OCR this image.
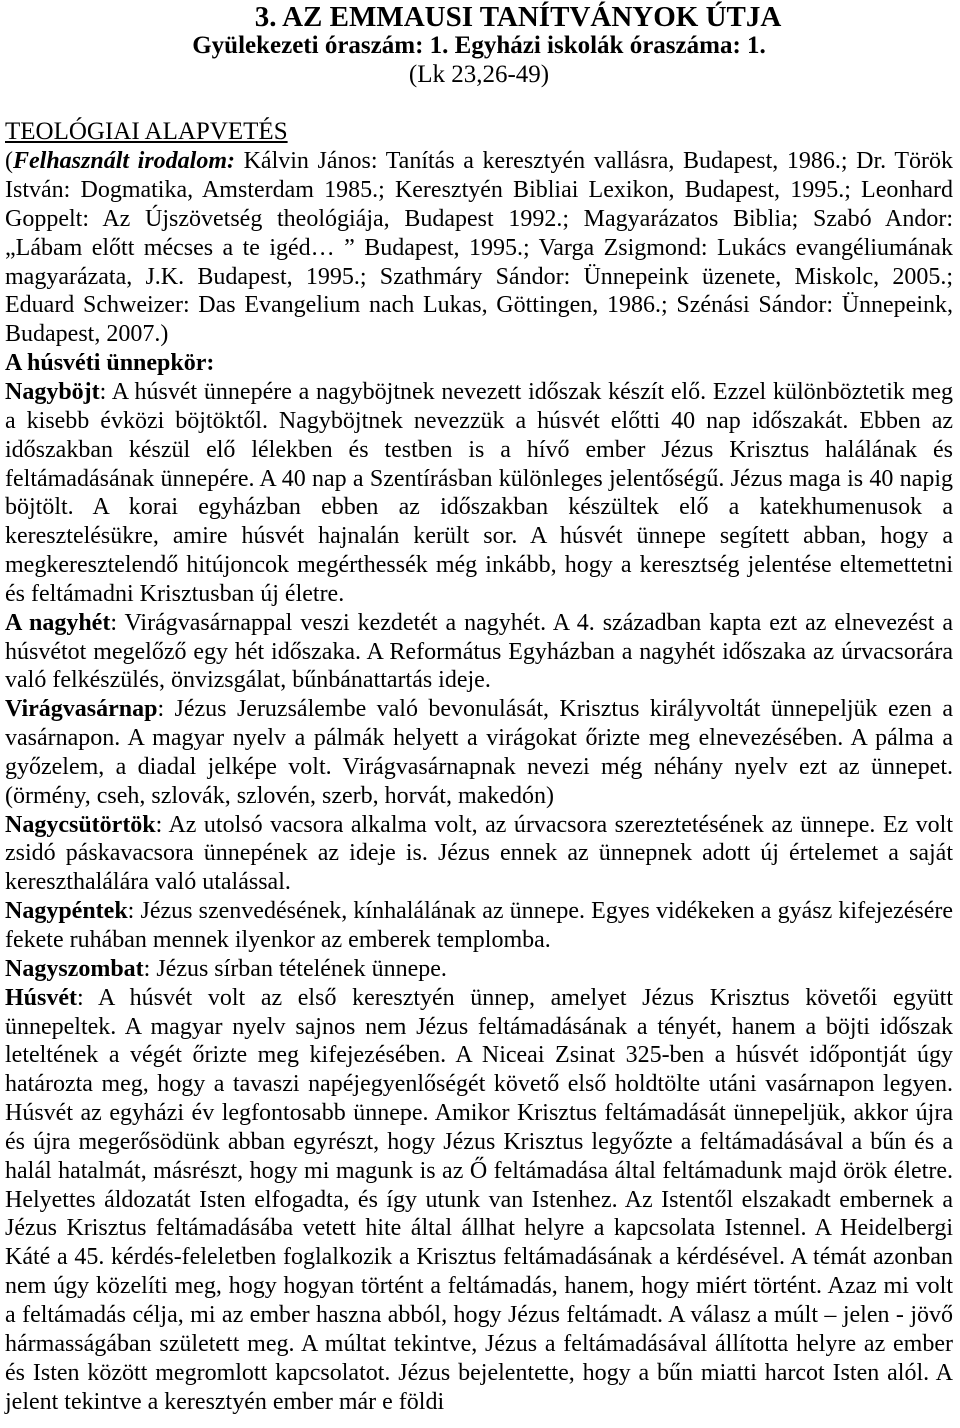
3. AZ EMMAUSI TANÍTVÁNYOK ÚTJA
Gyülekezeti óraszám: 1. Egyházi iskolák óraszáma: 1.
(Lk 23,26-49)
TEOLÓGIAI ALAPVETÉS

(Felhasznált irodalom: Kálvin János: Tanítás a keresztyén vallásra, Budapest, 1986.; Dr. Török István: Dogmatika, Amsterdam 1985.; Keresztyén Bibliai Lexikon, Budapest, 1995.; Leonhard Goppelt: Az Újszövetség theológiája, Budapest 1992.; Magyarázatos Biblia; Szabó Andor: „Lábam előtt mécses a te igéd… ” Budapest, 1995.; Varga Zsigmond: Lukács evangéliumának magyarázata, J.K. Budapest, 1995.; Szathmáry Sándor: Ünnepeink üzenete, Miskolc, 2005.; Eduard Schweizer: Das Evangelium nach Lukas, Göttingen, 1986.; Szénási Sándor: Ünnepeink, Budapest, 2007.)

A húsvéti ünnepkör:

Nagyböjt: A húsvét ünnepére a nagyböjtnek nevezett időszak készít elő. Ezzel különböztetik meg a kisebb évközi böjtöktől. Nagyböjtnek nevezzük a húsvét előtti 40 nap időszakát. Ebben az időszakban készül elő lélekben és testben is a hívő ember Jézus Krisztus halálának és feltámadásának ünnepére. A 40 nap a Szentírásban különleges jelentőségű. Jézus maga is 40 napig böjtölt. A korai egyházban ebben az időszakban készültek elő a katekhumenusok a keresztelésükre, amire húsvét hajnalán került sor. A húsvét ünnepe segített abban, hogy a megkeresztelendő hitújoncok megérthessék még inkább, hogy a keresztség jelentése eltemettetni és feltámadni Krisztusban új életre.

A nagyhét: Virágvasárnappal veszi kezdetét a nagyhét. A 4. században kapta ezt az elnevezést a húsvétot megelőző egy hét időszaka. A Református Egyházban a nagyhét időszaka az úrvacsorára való felkészülés, önvizsgálat, bűnbánattartás ideje.

Virágvasárnap: Jézus Jeruzsálembe való bevonulását, Krisztus királyvoltát ünnepeljük ezen a vasárnapon. A magyar nyelv a pálmák helyett a virágokat őrizte meg elnevezésében. A pálma a győzelem, a diadal jelképe volt. Virágvasárnapnak nevezi még néhány nyelv ezt az ünnepet. (örmény, cseh, szlovák, szlovén, szerb, horvát, makedón)

Nagycsütörtök: Az utolsó vacsora alkalma volt, az úrvacsora szereztetésének az ünnepe. Ez volt zsidó páskavacsora ünnepének az ideje is. Jézus ennek az ünnepnek adott új értelemet a saját kereszthalálára való utalással.

Nagypéntek: Jézus szenvedésének, kínhalálának az ünnepe. Egyes vidékeken a gyász kifejezésére fekete ruhában mennek ilyenkor az emberek templomba.

Nagyszombat: Jézus sírban tételének ünnepe.

Húsvét: A húsvét volt az első keresztyén ünnep, amelyet Jézus Krisztus követői együtt ünnepeltek. A magyar nyelv sajnos nem Jézus feltámadásának a tényét, hanem a böjti időszak leteltének a végét őrizte meg kifejezésében. A Niceai Zsinat 325-ben a húsvét időpontját úgy határozta meg, hogy a tavaszi napéjegyenlőségét követő első holdtölte utáni vasárnapon legyen. Húsvét az egyházi év legfontosabb ünnepe. Amikor Krisztus feltámadását ünnepeljük, akkor újra és újra megerősödünk abban egyrészt, hogy Jézus Krisztus legyőzte a feltámadásával a bűn és a halál hatalmát, másrészt, hogy mi magunk is az Ő feltámadása által feltámadunk majd örök életre. Helyettes áldozatát Isten elfogadta, és így utunk van Istenhez. Az Istentől elszakadt embernek a Jézus Krisztus feltámadásába vetett hite által állhat helyre a kapcsolata Istennel. A Heidelbergi Káté a 45. kérdés-feleletben foglalkozik a Krisztus feltámadásának a kérdésével. A témát azonban nem úgy közelíti meg, hogy hogyan történt a feltámadás, hanem, hogy miért történt. Azaz mi volt a feltámadás célja, mi az ember haszna abból, hogy Jézus feltámadt. A válasz a múlt – jelen - jövő hármasságában született meg. A múltat tekintve, Jézus a feltámadásával állította helyre az ember és Isten között megromlott kapcsolatot. Jézus bejelentette, hogy a bűn miatti harcot Isten alól. A jelent tekintve a keresztyén ember már e földi
